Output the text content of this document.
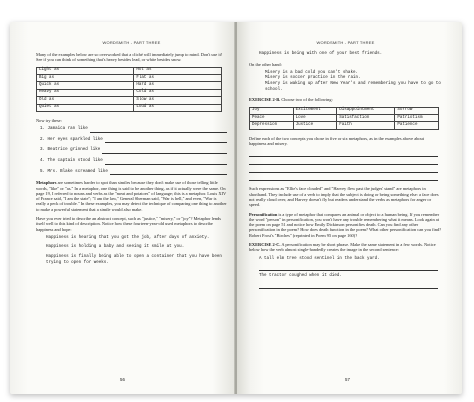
WORDSMITH - PART THREE
Many of the examples below are so overworked that a cliché will immediately jump to mind. Don't use it! See if you can think of something that's heavy besides lead, or white besides snow.
Light as	Hot as
Big as	Flat as
Quick as	Hard as
Heavy as	Cold as
Old as	Slow as
Quiet as	Loud as
Now try these:
1. Jamaica ran like
2. Her eyes sparkled like
3. Beatrice grinned like
4. The captain stood like
5. Mrs. Blake screamed like
Metaphors are sometimes harder to spot than similes because they don't make use of those telling little words, "like" or "as." In a metaphor, one thing is said to be another thing, as if it actually were the same. On page 19, I referred to nouns and verbs as the "meat and potatoes" of language; this is a metaphor. Louis XIV of France said, "I am the state"; "I am the law," General Sherman said, "War is hell," and even, "War is really a peck of trouble." In these examples, you may detect the technique of comparing one thing to another to make a powerful statement that a simile would also make.
Have you ever tried to describe an abstract concept, such as "justice," "misery," or "joy"? Metaphor lends itself well to this kind of description. Notice how these fourteen-year-old used metaphors to describe happiness and hope:
Happiness is hearing that you got the job, after days of anxiety.
Happiness is holding a baby and seeing it smile at you.
Happiness is finally being able to open a container that you have been trying to open for weeks.
56
WORDSMITH - PART THREE
Happiness is being with one of your best friends.
On the other hand:
Misery is a bad cold you can't shake.
Misery is soccer practice in the rain.
Misery is waking up after New Year's and remembering you have to go to school.
EXERCISE 2-B. Choose two of the following:
Joy	Excitement	Disappointment	Sorrow
Peace	Love	Satisfaction	Patriotism
Depression	Justice	Faith	Patience
Define each of the two concepts you chose in five or six metaphors, as in the examples above about happiness and misery.
Such expressions as "Ellie's face clouded" and "Harvey flew past the judges' stand" are metaphors in shorthand. They include use of a verb to imply that the subject is doing or being something else: a face does not really cloud over, and Harvey doesn't fly but readers understand the verbs as metaphors for anger or speed.
Personification is a type of metaphor that compares an animal or object to a human being. If you remember the word "person" in personification, you won't have any trouble remembering what it means. Look again at the poem on page 51 and notice how Emily Dickinson personifies death. Can you find any other personification in the poem? How does death function in the poem? What other personification can you find? Robert Frost's "Birches" (reprinted in Poem 95 on page 160)?
EXERCISE 2-C. A personification may be short phrase. Make the same statement in a few words. Notice below how the verb almost single-handedly creates the image in the second sentence:
A tall elm tree stood sentinel in the back yard.
The tractor coughed when it died.
57
